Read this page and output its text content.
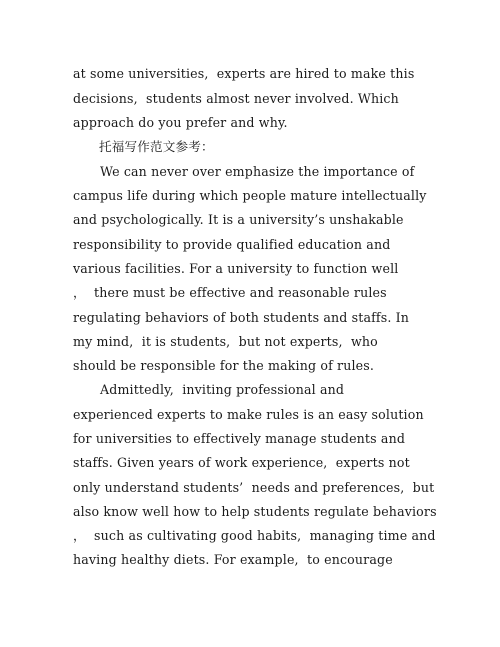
at some universities,  experts are hired to make this
decisions,  students almost never involved. Which
approach do you prefer and why.
托福写作范文参考：
We can never over emphasize the importance of
campus life during which people mature intellectually
and psychologically. It is a university’s unshakable
responsibility to provide qualified education and
various facilities. For a university to function well
，  there must be effective and reasonable rules
regulating behaviors of both students and staffs. In
my mind,  it is students,  but not experts,  who
should be responsible for the making of rules.
Admittedly,  inviting professional and
experienced experts to make rules is an easy solution
for universities to effectively manage students and
staffs. Given years of work experience,  experts not
only understand students’  needs and preferences,  but
also know well how to help students regulate behaviors
，  such as cultivating good habits,  managing time and
having healthy diets. For example,  to encourage
